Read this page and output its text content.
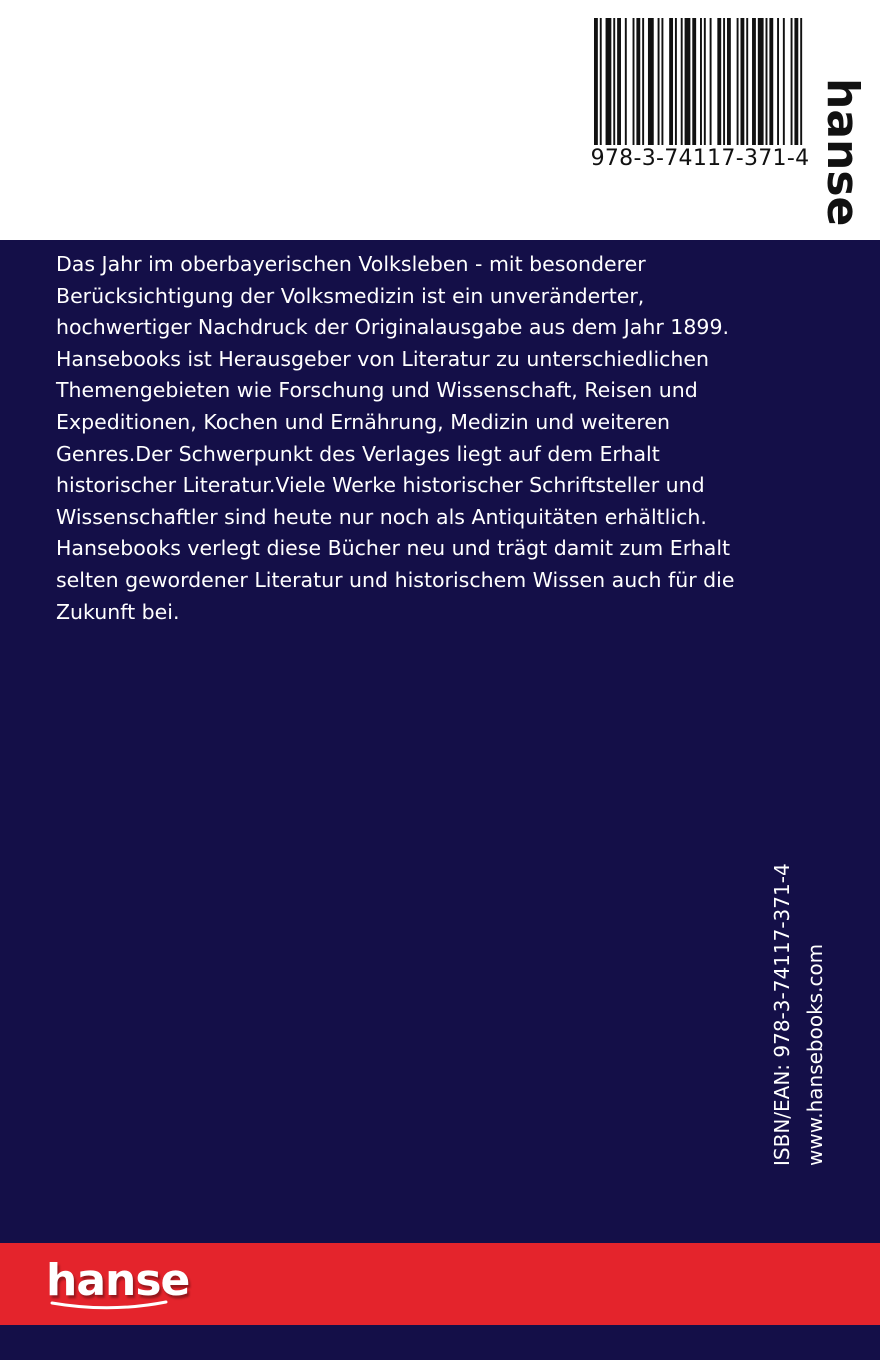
978-3-74117-371-4 hanse
Das Jahr im oberbayerischen Volksleben - mit besonderer
Berücksichtigung der Volksmedizin ist ein unveränderter,
hochwertiger Nachdruck der Originalausgabe aus dem Jahr 1899.
Hansebooks ist Herausgeber von Literatur zu unterschiedlichen
Themengebieten wie Forschung und Wissenschaft, Reisen und
Expeditionen, Kochen und Ernährung, Medizin und weiteren
Genres.Der Schwerpunkt des Verlages liegt auf dem Erhalt
historischer Literatur.Viele Werke historischer Schriftsteller und
Wissenschaftler sind heute nur noch als Antiquitäten erhältlich.
Hansebooks verlegt diese Bücher neu und trägt damit zum Erhalt
selten gewordener Literatur und historischem Wissen auch für die
Zukunft bei.
ISBN/EAN: 978-3-74117-371-4 www.hansebooks.com
hanse
